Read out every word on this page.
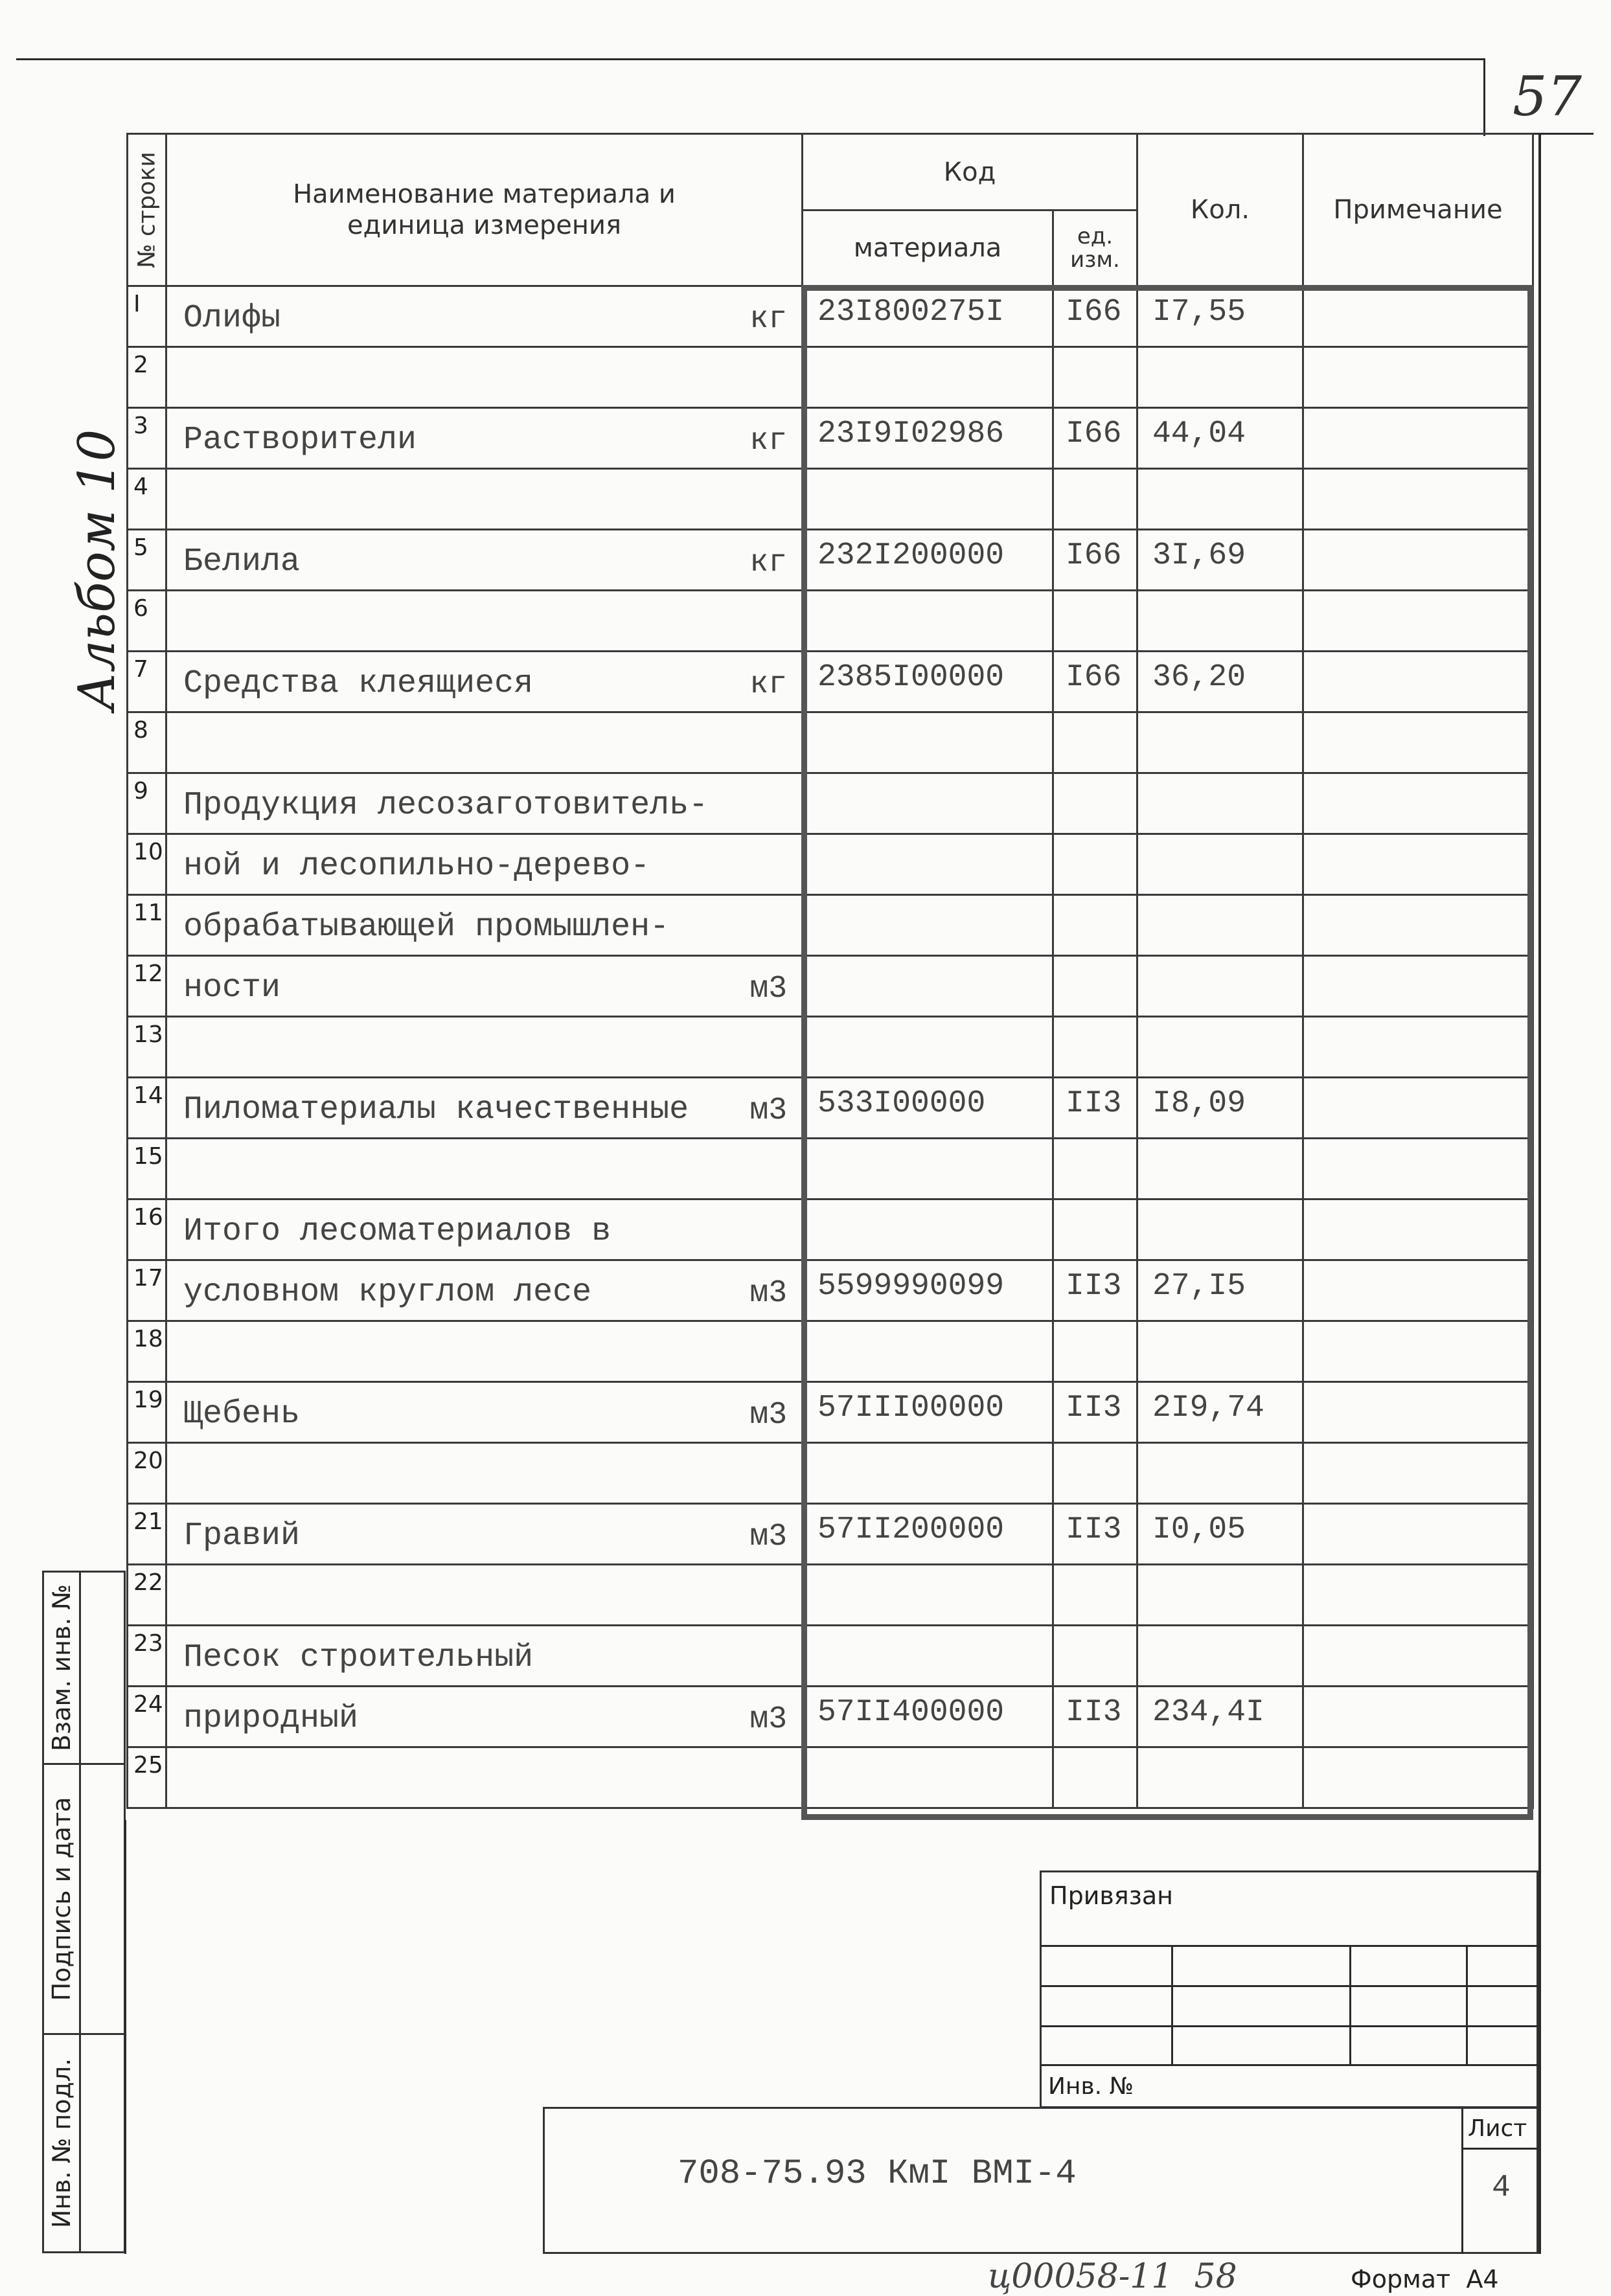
57
Альбом 10
№ строки	Наименование материала и
единица измерения	Код		Кол.	Примечание
		материала	ед.
изм.		

I	Олифы кг	23I800275I	I66	I7,55	
2	

3	Растворители кг	23I9I02986	I66	44,04	
4	

5	Белила кг	232I200000	I66	3I,69	
6	

7	Средства клеящиеся кг	2385I00000	I66	36,20	
8	

9	Продукция лесозаготовитель-				

10	ной и лесопильно-дерево-				

11	обрабатывающей промышлен-				

12	ности м3				

13	

14	Пиломатериалы качественные м3	533I00000	II3	I8,09	
15	

16	Итого лесоматериалов в				

17	условном круглом лесе м3	5599990099	II3	27,I5	
18	

19	Щебень м3	57III00000	II3	2I9,74	
20	

21	Гравий м3	57II200000	II3	I0,05	
22	

23	Песок строительный				

24	природный м3	57II400000	II3	234,4I	
25	

Взам. инв. №
Подпись и дата
Инв. № подл.
Привязан
Инв. №
708-75.93 КмI ВМI-4
Лист
4
ц00058-11  58	Формат  А4
